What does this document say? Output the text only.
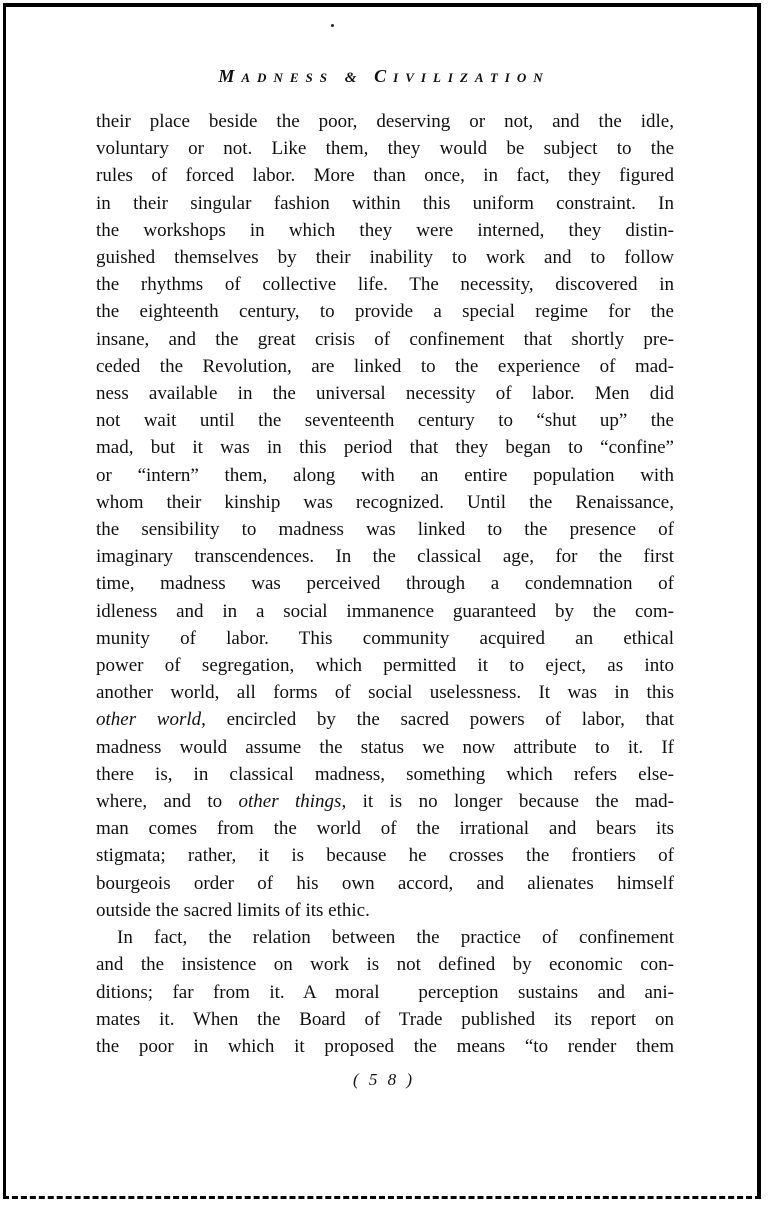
MADNESS & CIVILIZATION
their place beside the poor, deserving or not, and the idle,
voluntary or not. Like them, they would be subject to the
rules of forced labor. More than once, in fact, they figured
in their singular fashion within this uniform constraint. In
the workshops in which they were interned, they distin-
guished themselves by their inability to work and to follow
the rhythms of collective life. The necessity, discovered in
the eighteenth century, to provide a special regime for the
insane, and the great crisis of confinement that shortly pre-
ceded the Revolution, are linked to the experience of mad-
ness available in the universal necessity of labor. Men did
not wait until the seventeenth century to “shut up” the
mad, but it was in this period that they began to “confine”
or “intern” them, along with an entire population with
whom their kinship was recognized. Until the Renaissance,
the sensibility to madness was linked to the presence of
imaginary transcendences. In the classical age, for the first
time, madness was perceived through a condemnation of
idleness and in a social immanence guaranteed by the com-
munity of labor. This community acquired an ethical
power of segregation, which permitted it to eject, as into
another world, all forms of social uselessness. It was in this
other world, encircled by the sacred powers of labor, that
madness would assume the status we now attribute to it. If
there is, in classical madness, something which refers else-
where, and to other things, it is no longer because the mad-
man comes from the world of the irrational and bears its
stigmata; rather, it is because he crosses the frontiers of
bourgeois order of his own accord, and alienates himself
outside the sacred limits of its ethic.
In fact, the relation between the practice of confinement
and the insistence on work is not defined by economic con-
ditions; far from it. A moral  perception sustains and ani-
mates it. When the Board of Trade published its report on
the poor in which it proposed the means “to render them
( 5 8 )
